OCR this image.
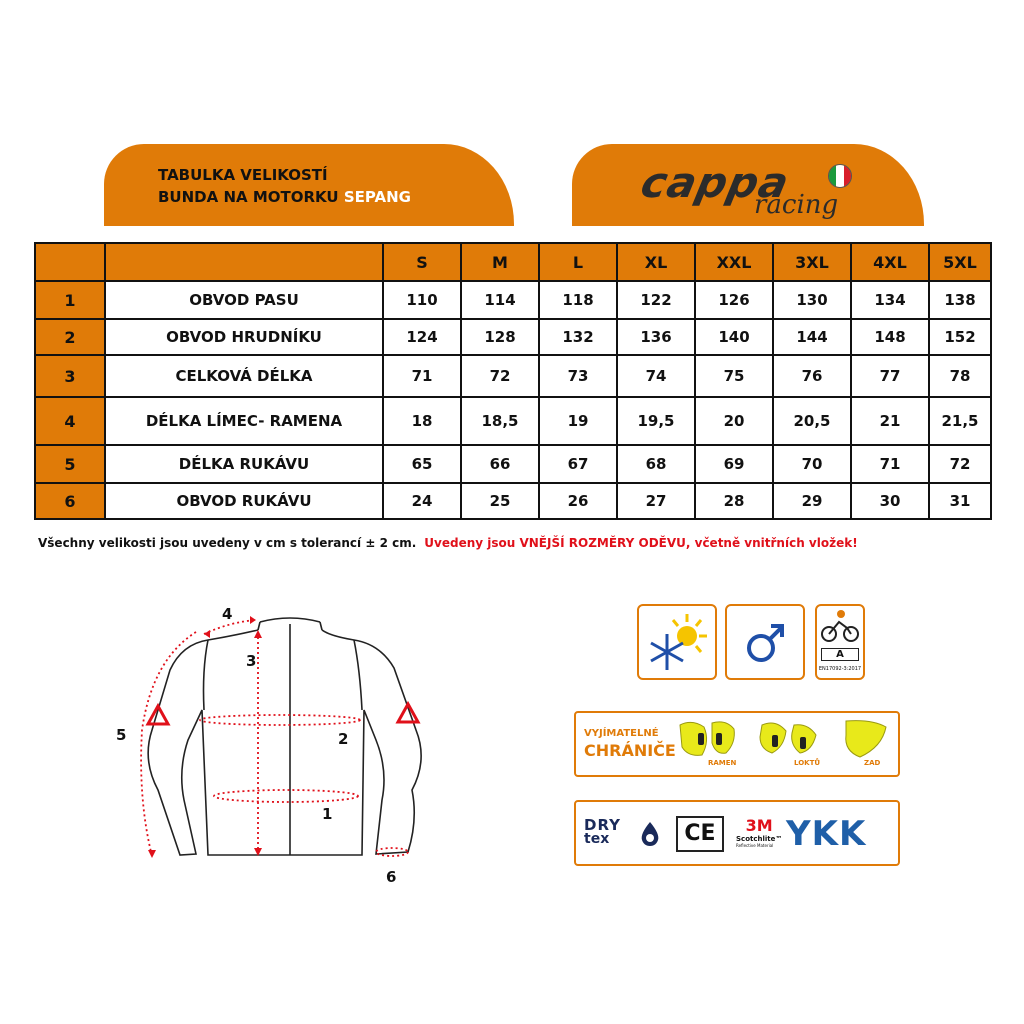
TABULKA VELIKOSTÍ
BUNDA NA MOTORKU SEPANG	cappa
racing
		S	M	L	XL	XXL	3XL	4XL	5XL
1	OBVOD PASU	110	114	118	122	126	130	134	138
2	OBVOD HRUDNÍKU	124	128	132	136	140	144	148	152
3	CELKOVÁ DÉLKA	71	72	73	74	75	76	77	78
4	DÉLKA LÍMEC- RAMENA	18	18,5	19	19,5	20	20,5	21	21,5
5	DÉLKA RUKÁVU	65	66	67	68	69	70	71	72
6	OBVOD RUKÁVU	24	25	26	27	28	29	30	31
Všechny velikosti jsou uvedeny v cm s tolerancí ± 2 cm. Uvedeny jsou VNĚJŠÍ ROZMĚRY ODĚVU, včetně vnitřních vložek!
4
3
2
5
1
6
A
EN17092-3:2017
VYJÍMATELNÉ
CHRÁNIČE
RAMEN	LOKTŮ	ZAD
DRY
tex	CE	3M
Scotchlite™
Reflective Material YKK
